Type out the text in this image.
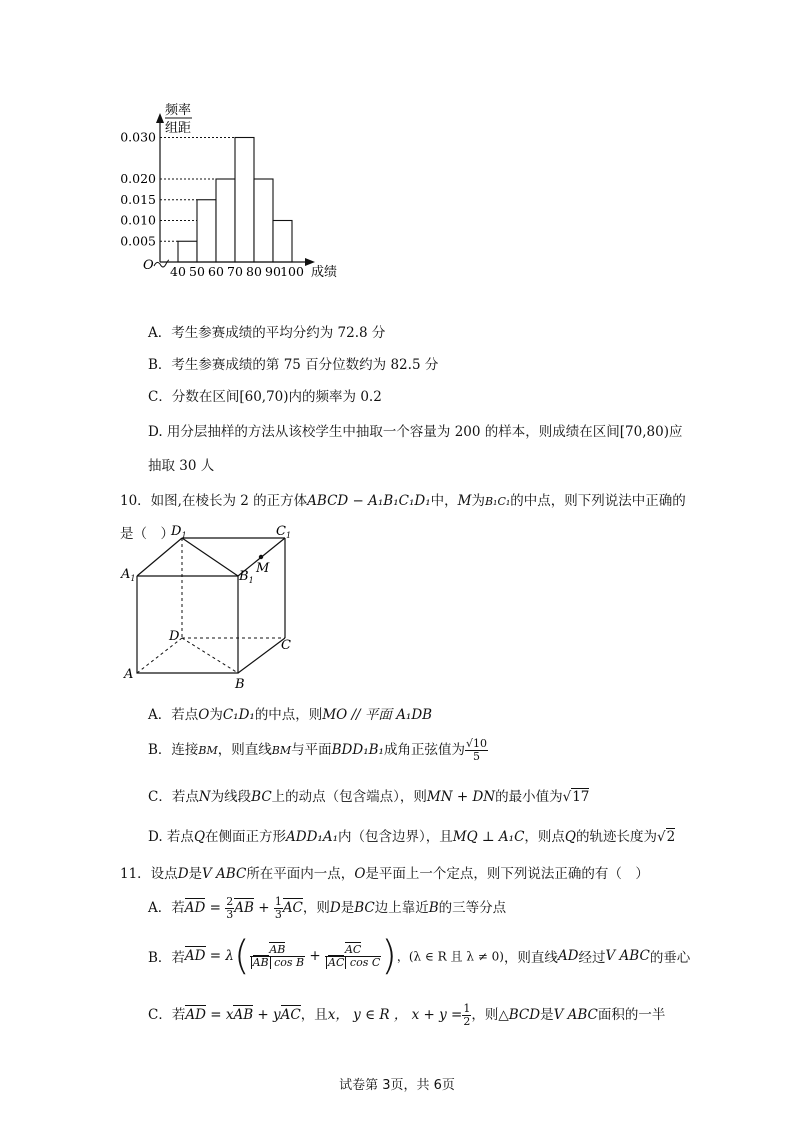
频率
组距
O	成绩
0.030
0.020
0.015
0.010
0.005
40 50 60 70 80 90 100
A．考生参赛成绩的平均分约为 72.8 分
B．考生参赛成绩的第 75 百分位数约为 82.5 分
C．分数在区间[60,70)内的频率为 0.2
D. 用分层抽样的方法从该校学生中抽取一个容量为 200 的样本，则成绩在区间[70,80)应
抽取 30 人
10．如图,在棱长为 2 的正方体ABCD − A₁B₁C₁D₁中，M为B₁C₁的中点，则下列说法中正确的
是（　）
$D_1$	$C_1$
$A_1$	$B_1$
M
D
C
A
B
A．若点O为C₁D₁的中点，则MO // 平面 A₁DB
B．连接BM，则直线BM与平面BDD₁B₁成角正弦值为 $\frac{√10}{5}$
C．若点N为线段BC上的动点（包含端点），则MN + DN的最小值为√17
D. 若点Q在侧面正方形ADD₁A₁内（包含边界），且MQ ⊥ A₁C，则点Q的轨迹长度为√2
11．设点D是V ABC所在平面内一点，O是平面上一个定点，则下列说法正确的有（　）
A．若AD = $\frac{2}{3}$ AB + $\frac{1}{3}$ AC，则D是BC边上靠近B的三等分点
B．若AD = $\lambda( \frac{AB}{\text{AB cos B}} + \frac{AC}{\text{AC cos C}}$ )，(λ ∈ R 且 λ ≠ 0)，则直线AD经过V ABC的垂心
C．若AD = xAB + yAC，且x， y ∈ R ， $x + y = \frac{1}{2}$ ，则△BCD是V ABC面积的一半
试卷第 3页，共 6页
